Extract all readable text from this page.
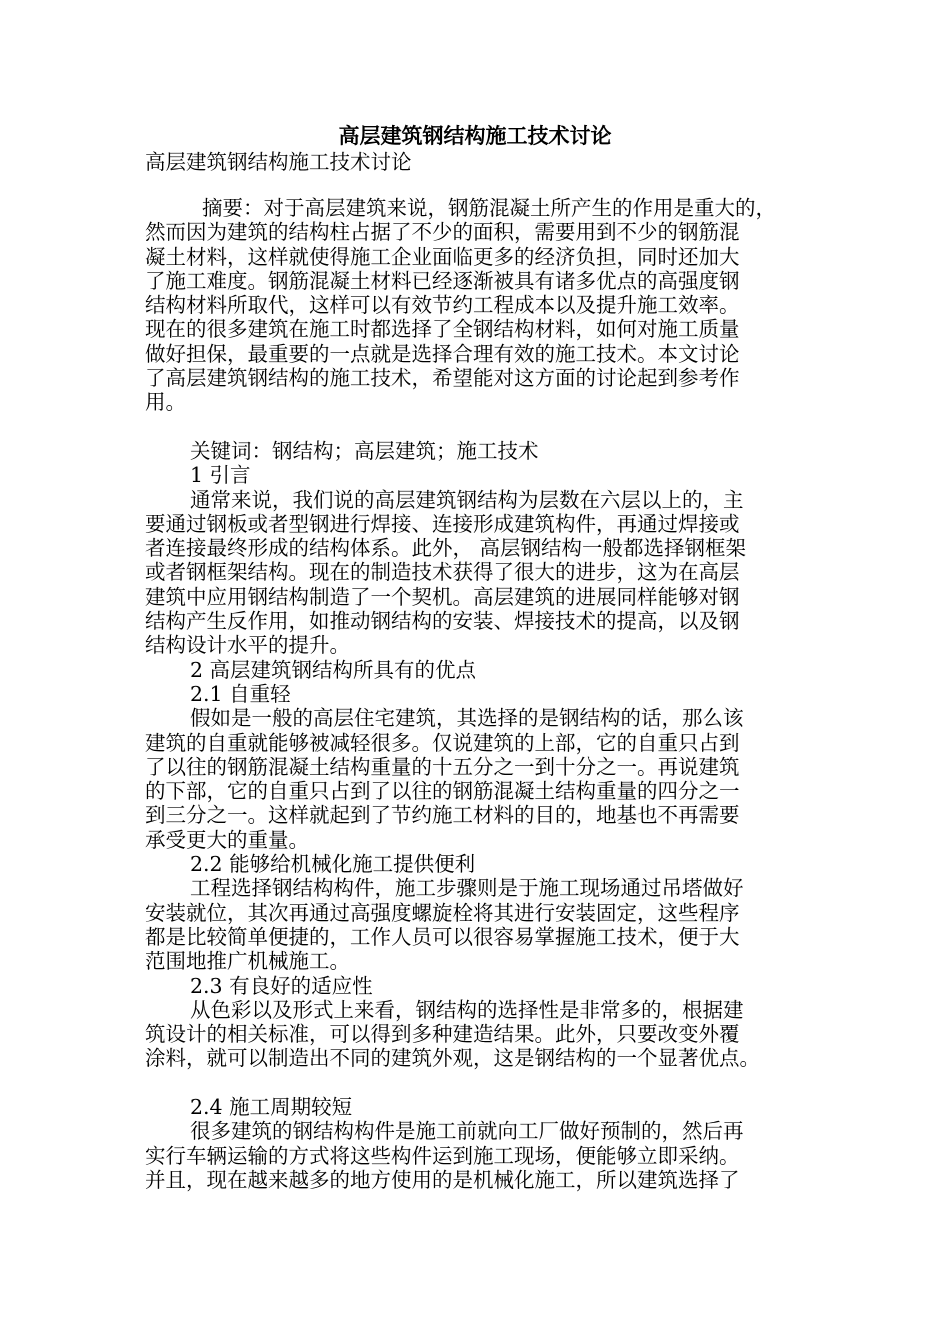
高层建筑钢结构施工技术讨论
高层建筑钢结构施工技术讨论
摘要：对于高层建筑来说，钢筋混凝土所产生的作用是重大的，
然而因为建筑的结构柱占据了不少的面积，需要用到不少的钢筋混
凝土材料，这样就使得施工企业面临更多的经济负担，同时还加大
了施工难度。钢筋混凝土材料已经逐渐被具有诸多优点的高强度钢
结构材料所取代，这样可以有效节约工程成本以及提升施工效率。
现在的很多建筑在施工时都选择了全钢结构材料，如何对施工质量
做好担保，最重要的一点就是选择合理有效的施工技术。本文讨论
了高层建筑钢结构的施工技术，希望能对这方面的讨论起到参考作
用。
关键词：钢结构；高层建筑；施工技术
1 引言
通常来说，我们说的高层建筑钢结构为层数在六层以上的，主
要通过钢板或者型钢进行焊接、连接形成建筑构件，再通过焊接或
者连接最终形成的结构体系。此外， 高层钢结构一般都选择钢框架
或者钢框架结构。现在的制造技术获得了很大的进步，这为在高层
建筑中应用钢结构制造了一个契机。高层建筑的进展同样能够对钢
结构产生反作用，如推动钢结构的安装、焊接技术的提高，以及钢
结构设计水平的提升。
2 高层建筑钢结构所具有的优点
2.1 自重轻
假如是一般的高层住宅建筑，其选择的是钢结构的话，那么该
建筑的自重就能够被减轻很多。仅说建筑的上部，它的自重只占到
了以往的钢筋混凝土结构重量的十五分之一到十分之一。再说建筑
的下部，它的自重只占到了以往的钢筋混凝土结构重量的四分之一
到三分之一。这样就起到了节约施工材料的目的，地基也不再需要
承受更大的重量。
2.2 能够给机械化施工提供便利
工程选择钢结构构件，施工步骤则是于施工现场通过吊塔做好
安装就位，其次再通过高强度螺旋栓将其进行安装固定，这些程序
都是比较简单便捷的，工作人员可以很容易掌握施工技术，便于大
范围地推广机械施工。
2.3 有良好的适应性
从色彩以及形式上来看，钢结构的选择性是非常多的，根据建
筑设计的相关标准，可以得到多种建造结果。此外，只要改变外覆
涂料，就可以制造出不同的建筑外观，这是钢结构的一个显著优点。
2.4 施工周期较短
很多建筑的钢结构构件是施工前就向工厂做好预制的，然后再
实行车辆运输的方式将这些构件运到施工现场，便能够立即采纳。
并且，现在越来越多的地方使用的是机械化施工，所以建筑选择了
